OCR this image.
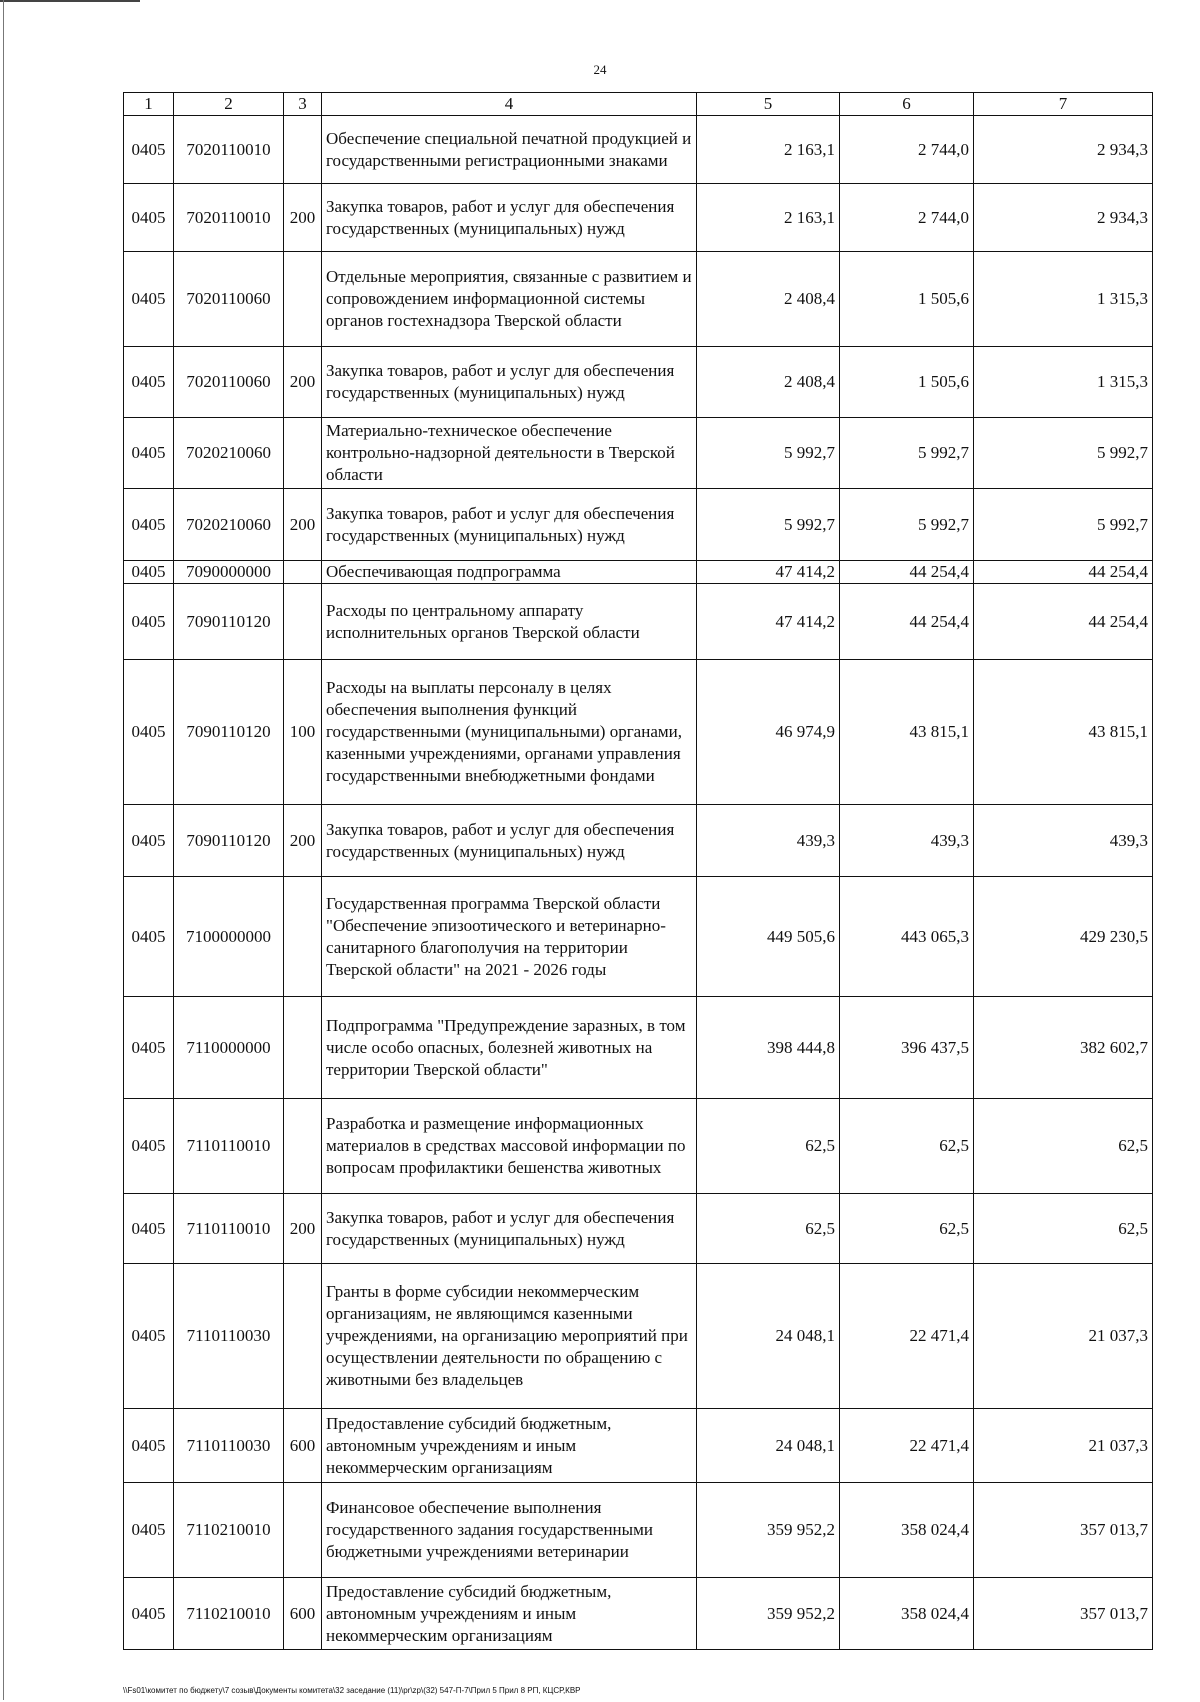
24
1	2	3	4	5	6	7
0405	7020110010		Обеспечение специальной печатной продукцией и государственными регистрационными знаками	2 163,1	2 744,0	2 934,3
0405	7020110010	200	Закупка товаров, работ и услуг для обеспечения государственных (муниципальных) нужд	2 163,1	2 744,0	2 934,3
0405	7020110060		Отдельные мероприятия, связанные с развитием и сопровождением информационной системы органов гостехнадзора Тверской области	2 408,4	1 505,6	1 315,3
0405	7020110060	200	Закупка товаров, работ и услуг для обеспечения государственных (муниципальных) нужд	2 408,4	1 505,6	1 315,3
0405	7020210060		Материально-техническое обеспечение контрольно-надзорной деятельности в Тверской области	5 992,7	5 992,7	5 992,7
0405	7020210060	200	Закупка товаров, работ и услуг для обеспечения государственных (муниципальных) нужд	5 992,7	5 992,7	5 992,7
0405	7090000000		Обеспечивающая подпрограмма	47 414,2	44 254,4	44 254,4
0405	7090110120		Расходы по центральному аппарату исполнительных органов Тверской области	47 414,2	44 254,4	44 254,4
0405	7090110120	100	Расходы на выплаты персоналу в целях обеспечения выполнения функций государственными (муниципальными) органами, казенными учреждениями, органами управления государственными внебюджетными фондами	46 974,9	43 815,1	43 815,1
0405	7090110120	200	Закупка товаров, работ и услуг для обеспечения государственных (муниципальных) нужд	439,3	439,3	439,3
0405	7100000000		Государственная программа Тверской области "Обеспечение эпизоотического и ветеринарно-санитарного благополучия на территории Тверской области" на 2021 - 2026 годы	449 505,6	443 065,3	429 230,5
0405	7110000000		Подпрограмма "Предупреждение заразных, в том числе особо опасных, болезней животных на территории Тверской области"	398 444,8	396 437,5	382 602,7
0405	7110110010		Разработка и размещение информационных материалов в средствах массовой информации по вопросам профилактики бешенства животных	62,5	62,5	62,5
0405	7110110010	200	Закупка товаров, работ и услуг для обеспечения государственных (муниципальных) нужд	62,5	62,5	62,5
0405	7110110030		Гранты в форме субсидии некоммерческим организациям, не являющимся казенными учреждениями, на организацию мероприятий при осуществлении деятельности по обращению с животными без владельцев	24 048,1	22 471,4	21 037,3
0405	7110110030	600	Предоставление субсидий бюджетным, автономным учреждениям и иным некоммерческим организациям	24 048,1	22 471,4	21 037,3
0405	7110210010		Финансовое обеспечение выполнения государственного задания государственными бюджетными учреждениями ветеринарии	359 952,2	358 024,4	357 013,7
0405	7110210010	600	Предоставление субсидий бюджетным, автономным учреждениям и иным некоммерческим организациям	359 952,2	358 024,4	357 013,7
\\Fs01\комитет по бюджету\7 созыв\Документы комитета\32 заседание (11)\pr\zp\(32) 547-П-7\Прил 5 Прил 8 РП, КЦСР,КВР
